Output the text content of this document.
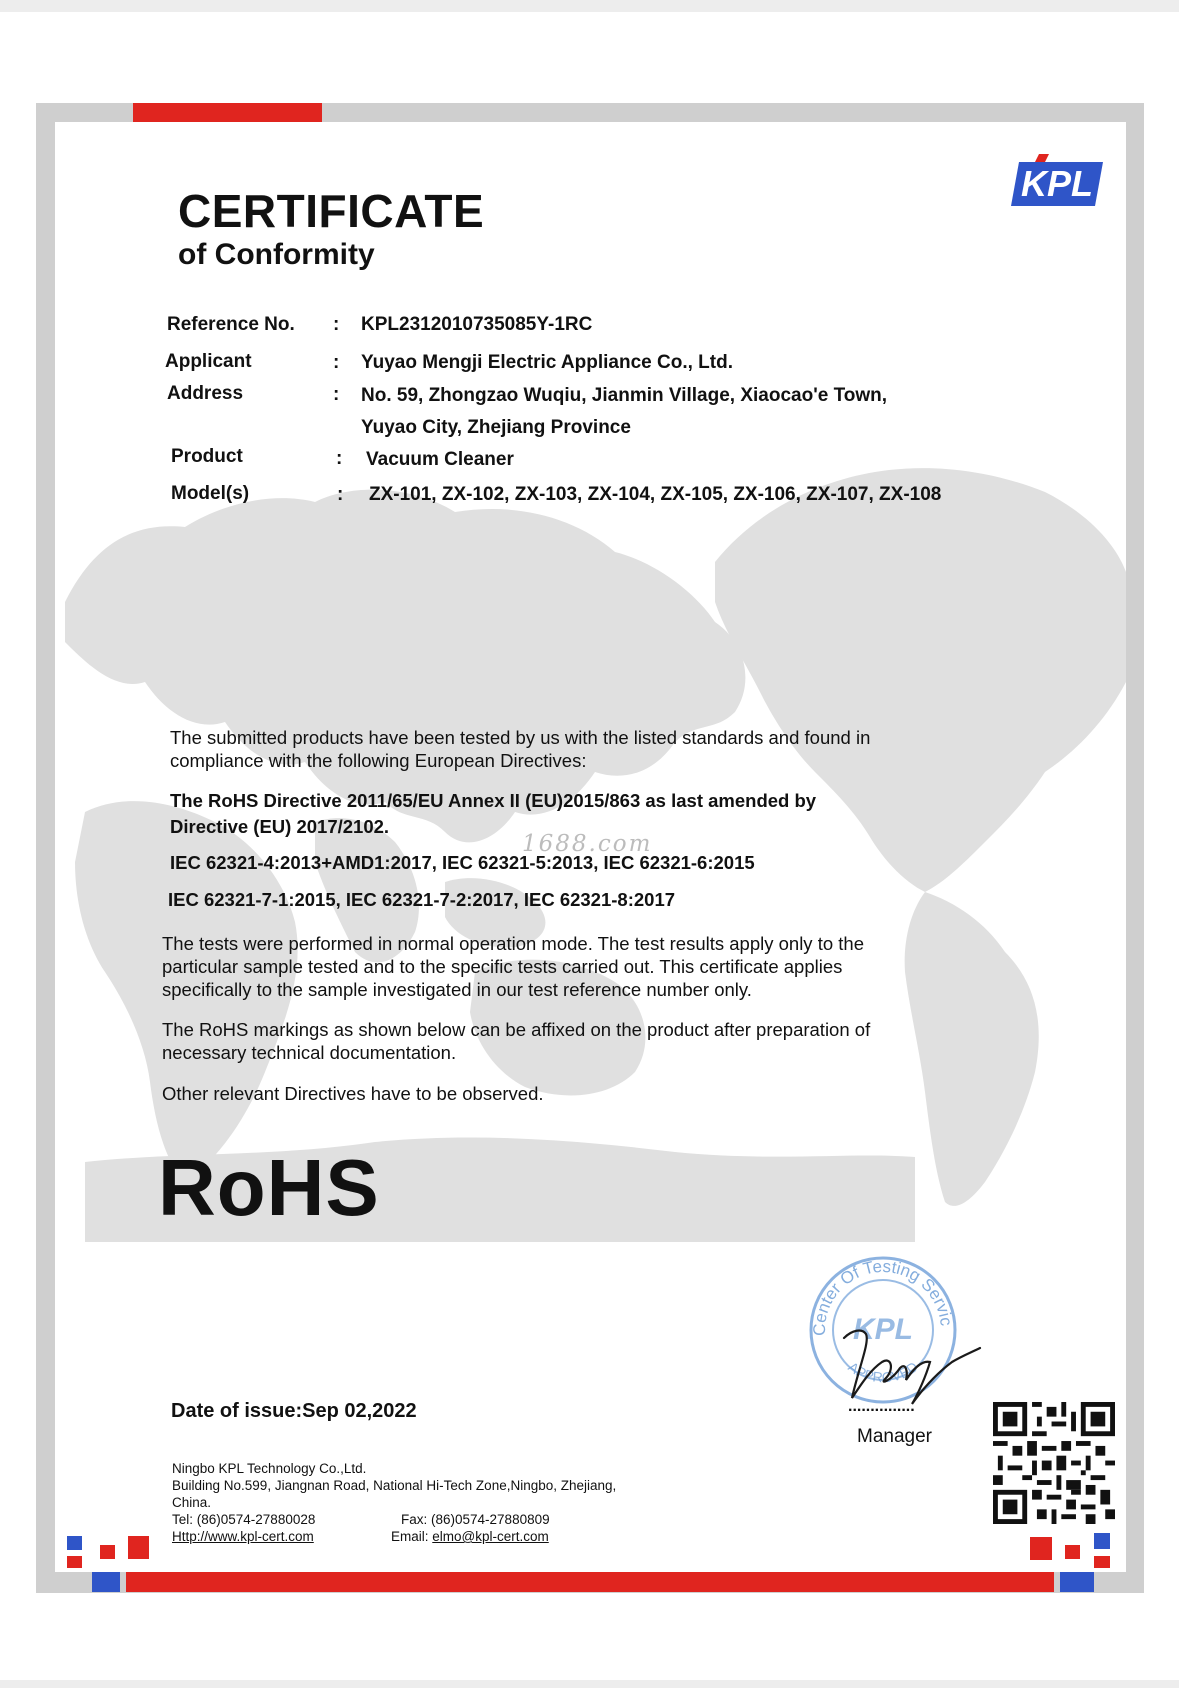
1688.com
KPL
CERTIFICATE
of Conformity
Reference No. : KPL2312010735085Y-1RC
Applicant	: Yuyao Mengji Electric Appliance Co., Ltd.
Address	: No. 59, Zhongzao Wuqiu, Jianmin Village, Xiaocao'e Town,
Yuyao City, Zhejiang Province
Product	: Vacuum Cleaner
Model(s)	: ZX-101, ZX-102, ZX-103, ZX-104, ZX-105, ZX-106, ZX-107, ZX-108
The submitted products have been tested by us with the listed standards and found in compliance with the following European Directives:
The RoHS Directive 2011/65/EU Annex II (EU)2015/863 as last amended by Directive (EU) 2017/2102.
IEC 62321-4:2013+AMD1:2017, IEC 62321-5:2013, IEC 62321-6:2015
IEC 62321-7-1:2015, IEC 62321-7-2:2017, IEC 62321-8:2017
The tests were performed in normal operation mode. The test results apply only to the particular sample tested and to the specific tests carried out. This certificate applies specifically to the sample investigated in our test reference number only.
The RoHS markings as shown below can be affixed on the product after preparation of necessary technical documentation.
Other relevant Directives have to be observed.
RoHS
Center Of Testing Servic
KPL
APPROVED
...............
Manager
Date of issue:Sep 02,2022
Ningbo KPL Technology Co.,Ltd.
Building No.599, Jiangnan Road, National Hi-Tech Zone,Ningbo, Zhejiang,
China.
Tel: (86)0574-27880028	Fax: (86)0574-27880809
Http://www.kpl-cert.com	Email: elmo@kpl-cert.com
